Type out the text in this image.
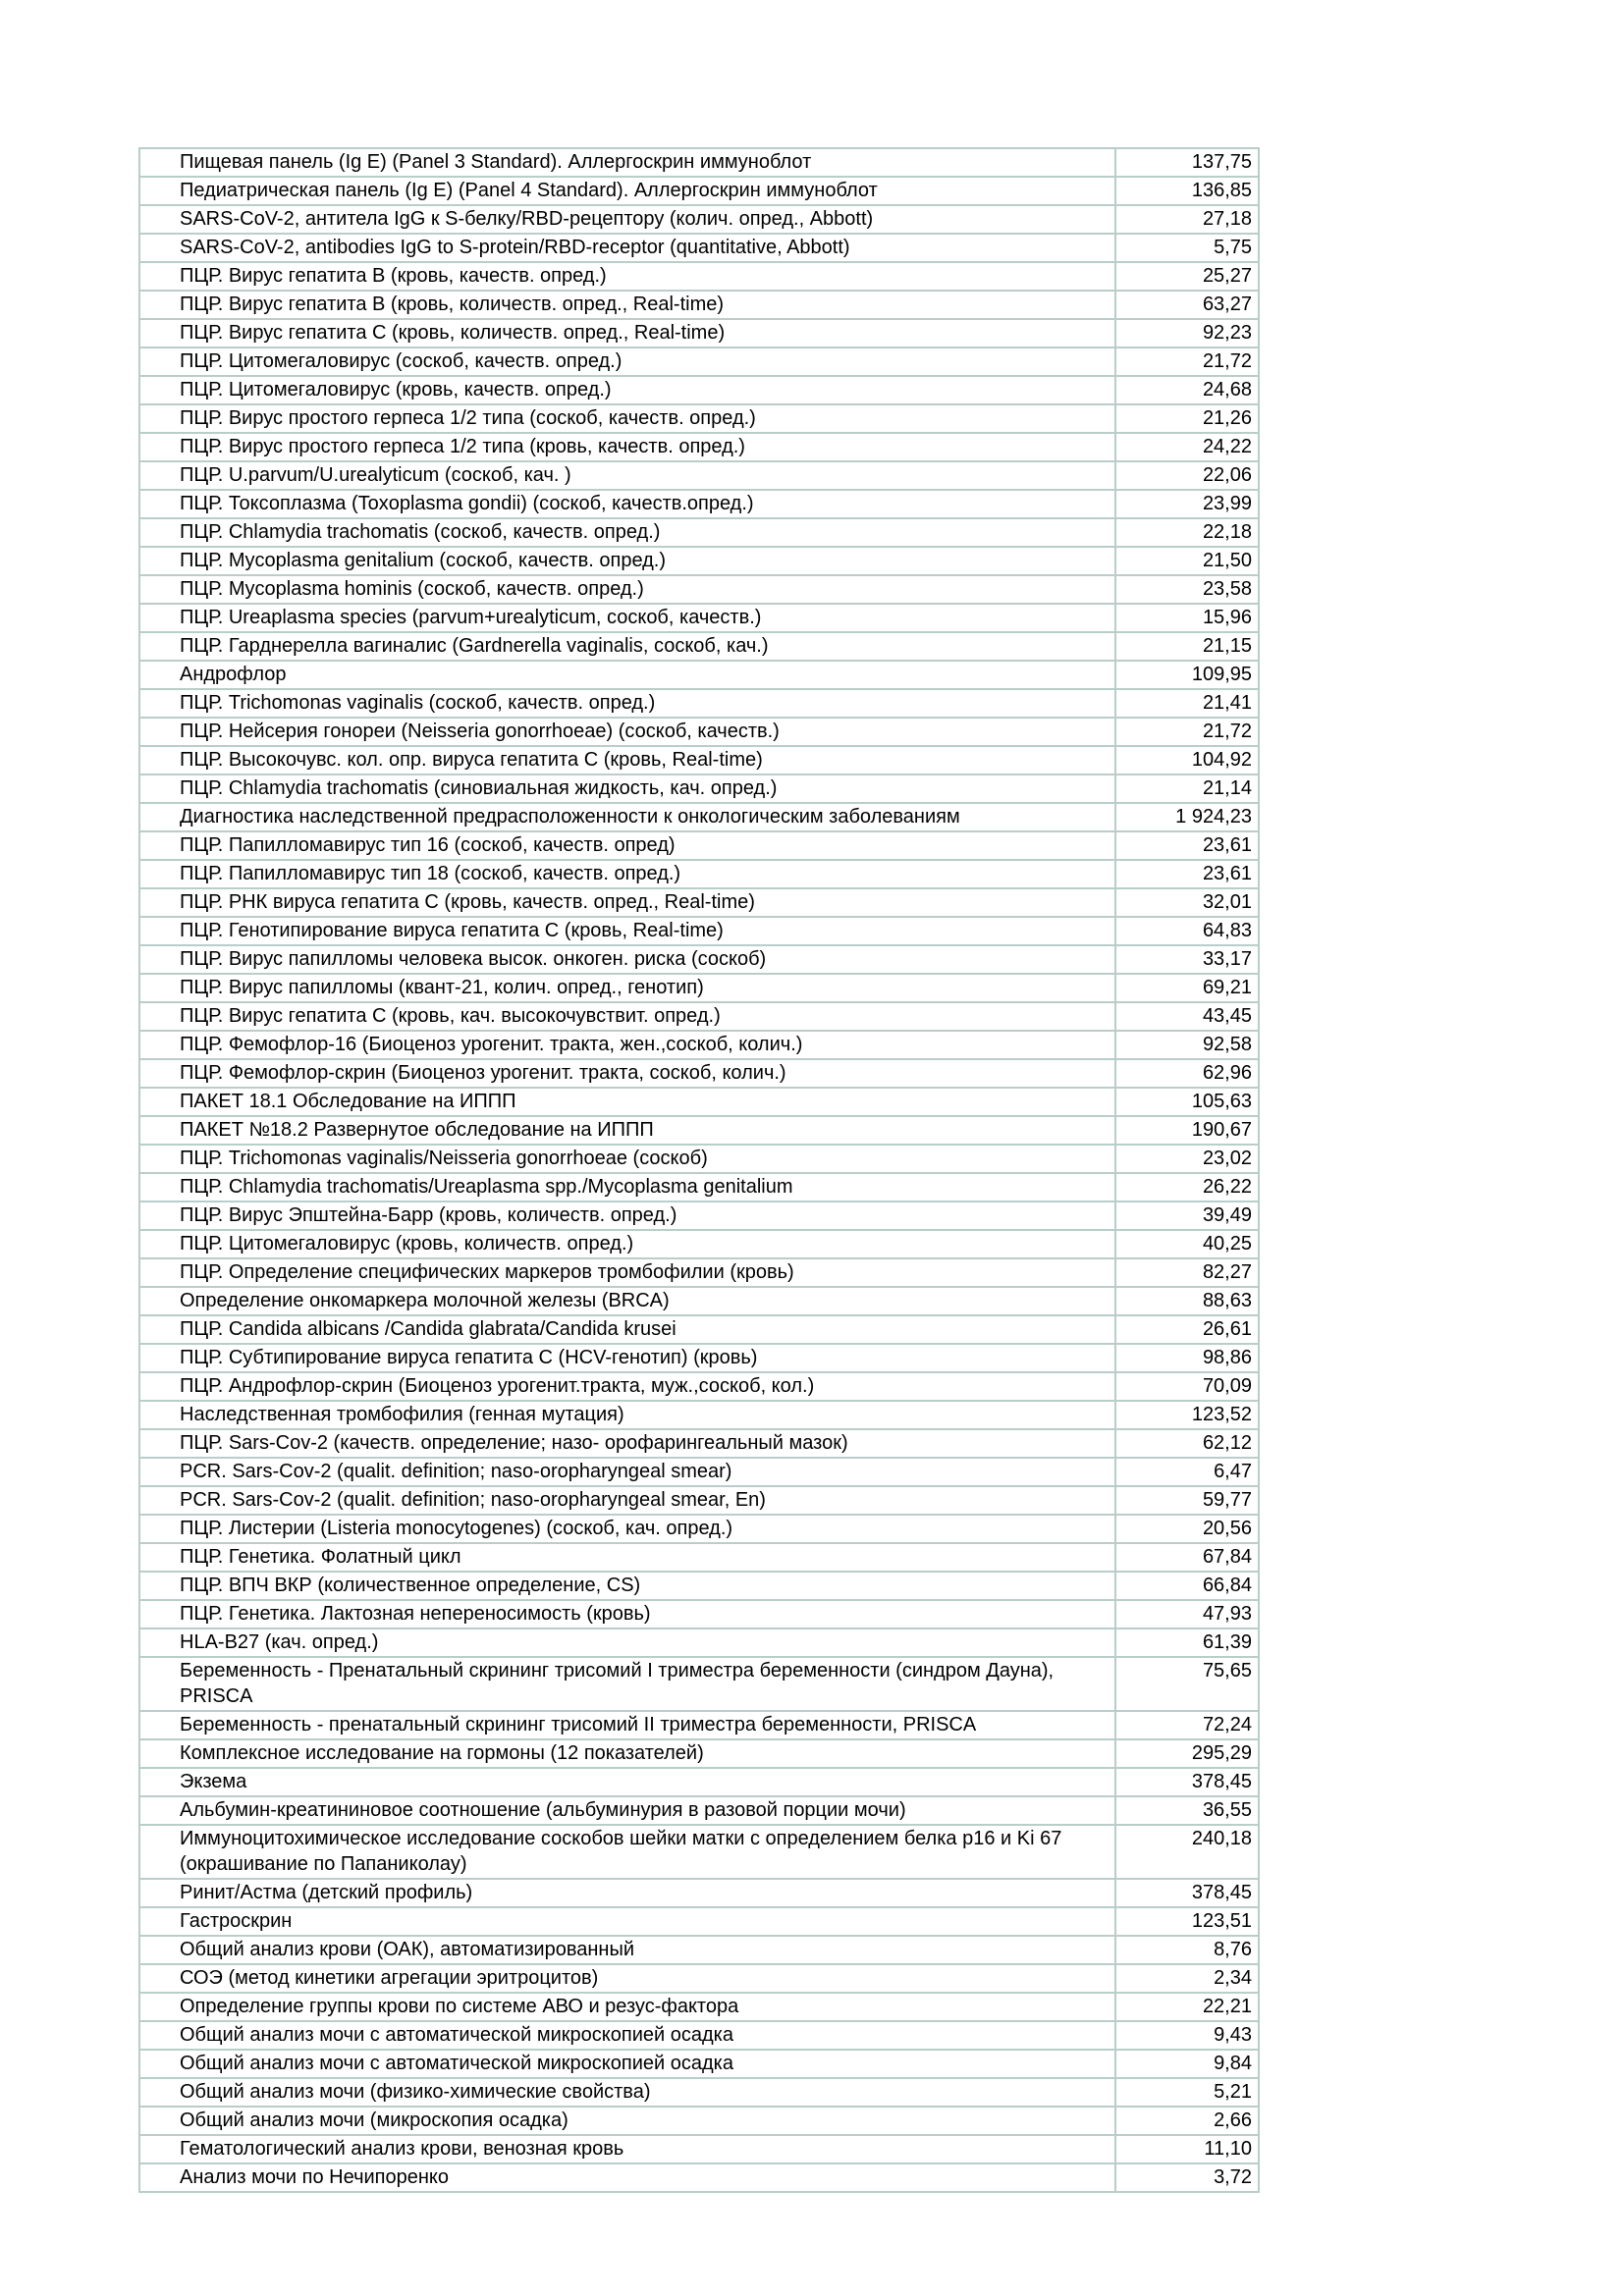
Пищевая панель (Ig E) (Panel 3 Standard). Аллергоскрин иммуноблот	137,75
Педиатрическая панель (Ig E) (Panel 4 Standard). Аллергоскрин иммуноблот	136,85
SARS-CoV-2, антитела IgG к S-белку/RBD-рецептору (колич. опред., Abbott)	27,18
SARS-CoV-2, antibodies IgG to S-protein/RBD-receptor (quantitative, Abbott)	5,75
ПЦР. Вирус гепатита В (кровь, качеств. опред.)	25,27
ПЦР. Вирус гепатита В (кровь, количеств. опред., Real-time)	63,27
ПЦР. Вирус гепатита С (кровь, количеств. опред., Real-time)	92,23
ПЦР. Цитомегаловирус (соскоб, качеств. опред.)	21,72
ПЦР. Цитомегаловирус (кровь, качеств. опред.)	24,68
ПЦР. Вирус простого герпеса 1/2 типа (соскоб, качеств. опред.)	21,26
ПЦР. Вирус простого герпеса 1/2 типа (кровь, качеств. опред.)	24,22
ПЦР. U.parvum/U.urealyticum (соскоб, кач. )	22,06
ПЦР. Токсоплазма (Toxoplasma gondii) (соскоб, качеств.опред.)	23,99
ПЦР. Chlamydia trachomatis (соскоб, качеств. опред.)	22,18
ПЦР. Mycoplasma genitalium (соскоб, качеств. опред.)	21,50
ПЦР. Mycoplasma hominis (соскоб, качеств. опред.)	23,58
ПЦР. Ureaplasma species (parvum+urealyticum, соскоб, качеств.)	15,96
ПЦР. Гарднерелла вагиналис (Gardnerella vaginalis, соскоб, кач.)	21,15
Андрофлор	109,95
ПЦР. Trichomonas vaginalis (соскоб, качеств. опред.)	21,41
ПЦР. Нейсерия гонореи (Neisseria gonorrhoeae) (соскоб, качеств.)	21,72
ПЦР. Высокочувс. кол. опр. вируса гепатита С (кровь, Real-time)	104,92
ПЦР. Chlamydia trachomatis (синовиальная жидкость, кач. опред.)	21,14
Диагностика наследственной предрасположенности к онкологическим заболеваниям	1 924,23
ПЦР. Папилломавирус тип 16 (соскоб, качеств. опред)	23,61
ПЦР. Папилломавирус тип 18 (соскоб, качеств. опред.)	23,61
ПЦР. РНК вируса гепатита С (кровь, качеств. опред., Real-time)	32,01
ПЦР. Генотипирование вируса гепатита С (кровь, Real-time)	64,83
ПЦР. Вирус папилломы человека высок. онкоген. риска (соскоб)	33,17
ПЦР. Вирус папилломы (квант-21, колич. опред., генотип)	69,21
ПЦР. Вирус гепатита С (кровь, кач. высокочувствит. опред.)	43,45
ПЦР. Фемофлор-16 (Биоценоз урогенит. тракта, жен.,соскоб, колич.)	92,58
ПЦР. Фемофлор-скрин (Биоценоз урогенит. тракта, соскоб, колич.)	62,96
ПАКЕТ 18.1 Обследование на ИППП	105,63
ПАКЕТ №18.2 Развернутое обследование на ИППП	190,67
ПЦР. Trichomonas vaginalis/Neisseria gonorrhoeae (соскоб)	23,02
ПЦР. Chlamydia trachomatis/Ureaplasma spp./Mycoplasma genitalium	26,22
ПЦР. Вирус Эпштейна-Барр (кровь, количеств. опред.)	39,49
ПЦР. Цитомегаловирус (кровь, количеств. опред.)	40,25
ПЦР. Определение специфических маркеров тромбофилии (кровь)	82,27
Определение онкомаркера молочной железы (BRCA)	88,63
ПЦР. Candida albicans /Candida glabrata/Candida krusei	26,61
ПЦР. Субтипирование вируса гепатита С (HCV-генотип) (кровь)	98,86
ПЦР. Андрофлор-скрин (Биоценоз урогенит.тракта, муж.,соскоб, кол.)	70,09
Наследственная тромбофилия (генная мутация)	123,52
ПЦР. Sars-Cov-2 (качеств. определение; назо- орофарингеальный мазок)	62,12
PCR. Sars-Cov-2 (qualit. definition; naso-oropharyngeal smear)	6,47
PCR. Sars-Cov-2 (qualit. definition; naso-oropharyngeal smear, En)	59,77
ПЦР. Листерии (Listeria monocytogenes) (соскоб, кач. опред.)	20,56
ПЦР. Генетика. Фолатный цикл	67,84
ПЦР. ВПЧ ВКР (количественное определение, CS)	66,84
ПЦР. Генетика. Лактозная непереносимость (кровь)	47,93
HLA-B27 (кач. опред.)	61,39
Беременность - Пренатальный скрининг трисомий I триместра беременности (синдром Дауна), PRISCA	75,65
Беременность - пренатальный скрининг трисомий II триместра беременности, PRISCA	72,24
Комплексное исследование на гормоны (12 показателей)	295,29
Экзема	378,45
Альбумин-креатининовое соотношение (альбуминурия в разовой порции мочи)	36,55
Иммуноцитохимическое исследование соскобов шейки матки с определением белка p16 и Ki 67 (окрашивание по Папаниколау)	240,18
Ринит/Астма (детский профиль)	378,45
Гастроскрин	123,51
Общий анализ крови (ОАК), автоматизированный	8,76
СОЭ (метод кинетики агрегации эритроцитов)	2,34
Определение группы крови по системе АВО и резус-фактора	22,21
Общий анализ мочи с автоматической микроскопией осадка	9,43
Общий анализ мочи с автоматической микроскопией осадка	9,84
Общий анализ мочи (физико-химические свойства)	5,21
Общий анализ мочи (микроскопия осадка)	2,66
Гематологический анализ крови, венозная кровь	11,10
Анализ мочи по Нечипоренко	3,72
